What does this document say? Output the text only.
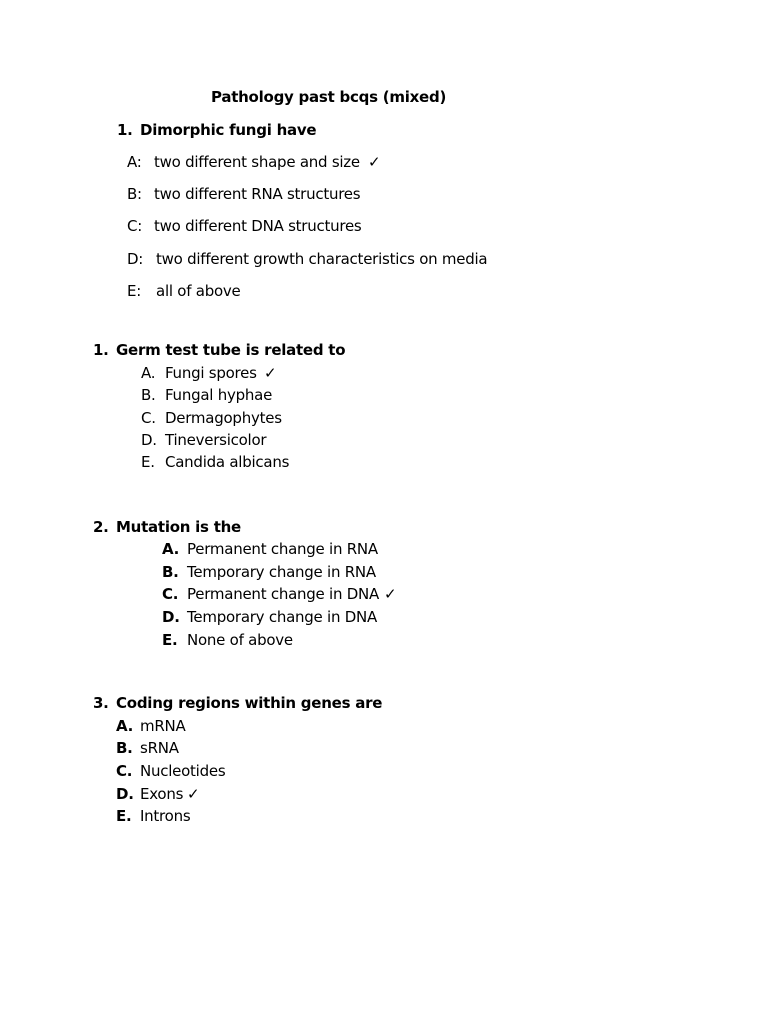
Pathology past bcqs (mixed)
1. Dimorphic fungi have
A: two different shape and size ✓
B: two different RNA structures
C: two different DNA structures
D: two different growth characteristics on media
E: all of above
1. Germ test tube is related to
A. Fungi spores ✓
B. Fungal hyphae
C. Dermagophytes
D. Tineversicolor
E. Candida albicans
2. Mutation is the
A. Permanent change in RNA
B. Temporary change in RNA
C. Permanent change in DNA ✓
D. Temporary change in DNA
E. None of above
3. Coding regions within genes are
A. mRNA
B. sRNA
C. Nucleotides
D. Exons ✓
E. Introns
